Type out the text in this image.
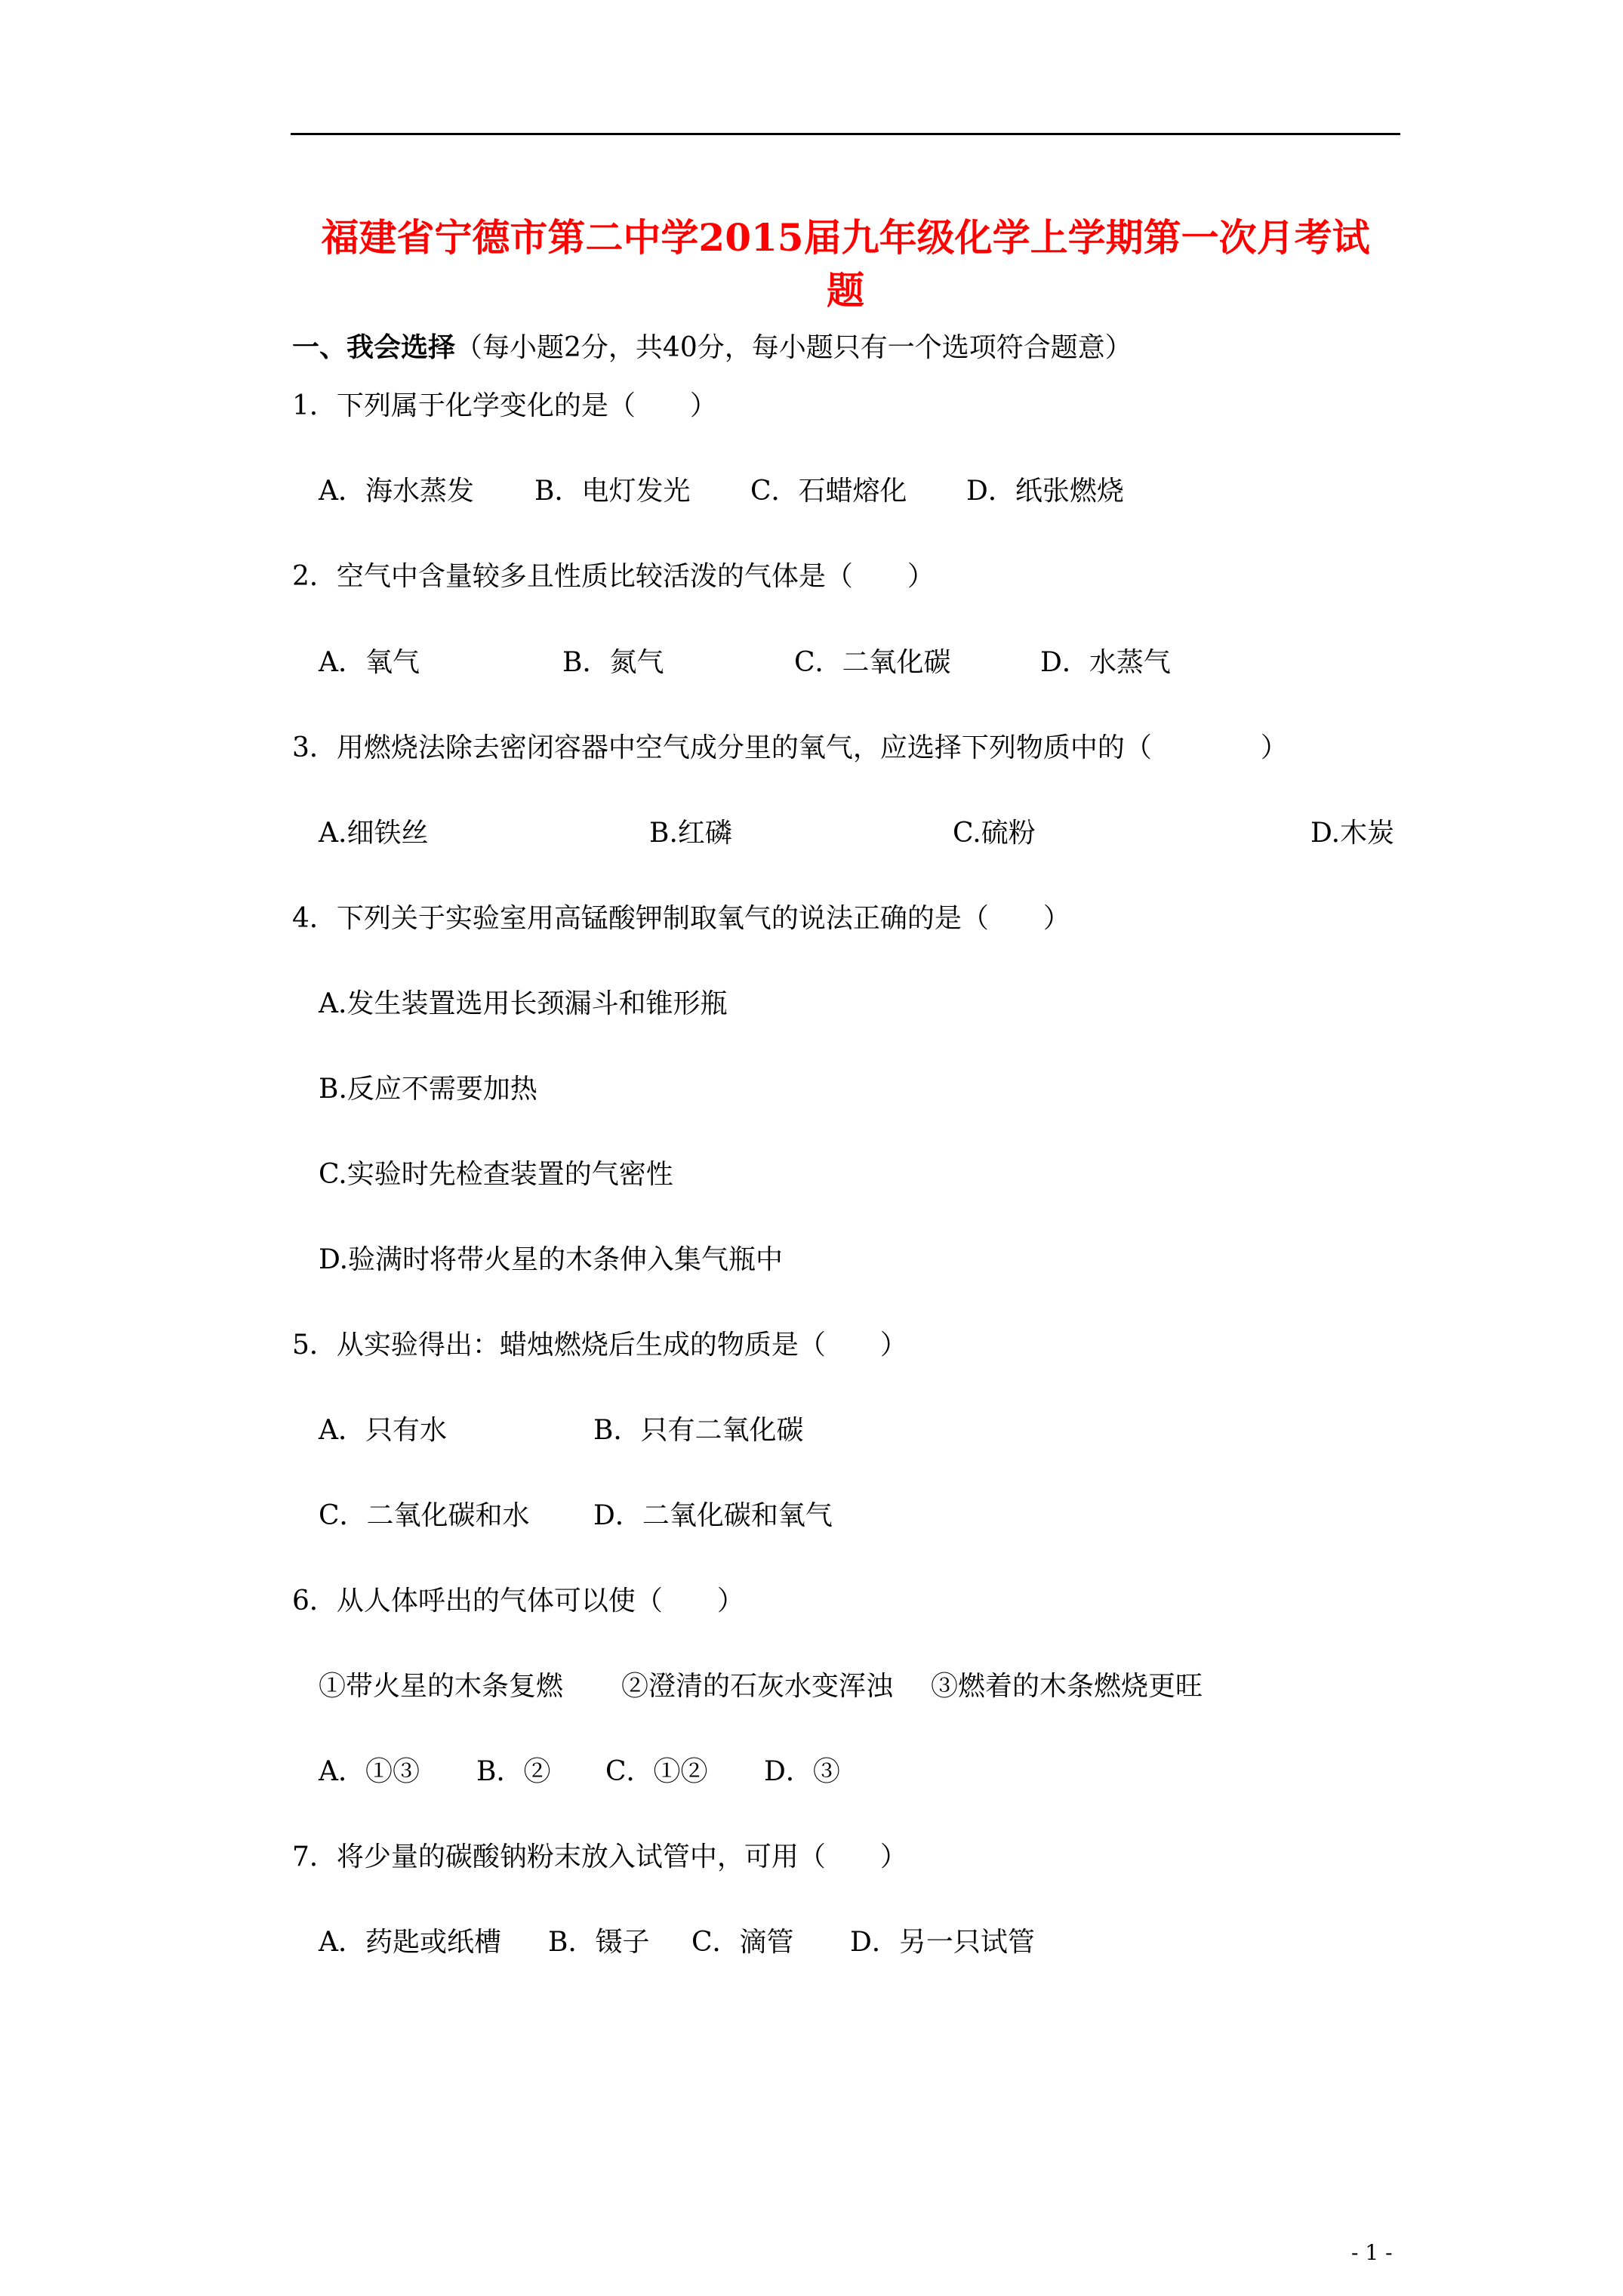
福建省宁德市第二中学2015届九年级化学上学期第一次月考试
题
一、我会选择（每小题2分，共40分，每小题只有一个选项符合题意）
1．下列属于化学变化的是（　　）
A．海水蒸发 B．电灯发光 C．石蜡熔化 D．纸张燃烧
2．空气中含量较多且性质比较活泼的气体是（　　）
A．氧气	B．氮气	C．二氧化碳	D．水蒸气
3．用燃烧法除去密闭容器中空气成分里的氧气，应选择下列物质中的（　　　　）
A.细铁丝	B.红磷	C.硫粉	D.木炭
4．下列关于实验室用高锰酸钾制取氧气的说法正确的是（　　）
A.发生装置选用长颈漏斗和锥形瓶
B.反应不需要加热
C.实验时先检查装置的气密性
D.验满时将带火星的木条伸入集气瓶中
5．从实验得出：蜡烛燃烧后生成的物质是（　　）
A．只有水	B．只有二氧化碳
C．二氧化碳和水 D．二氧化碳和氧气
6．从人体呼出的气体可以使（　　）
①带火星的木条复燃 ②澄清的石灰水变浑浊 ③燃着的木条燃烧更旺
A．①③ B．② C．①② D．③
7．将少量的碳酸钠粉末放入试管中，可用（　　）
A．药匙或纸槽 B．镊子 C．滴管 D．另一只试管
- 1 -
